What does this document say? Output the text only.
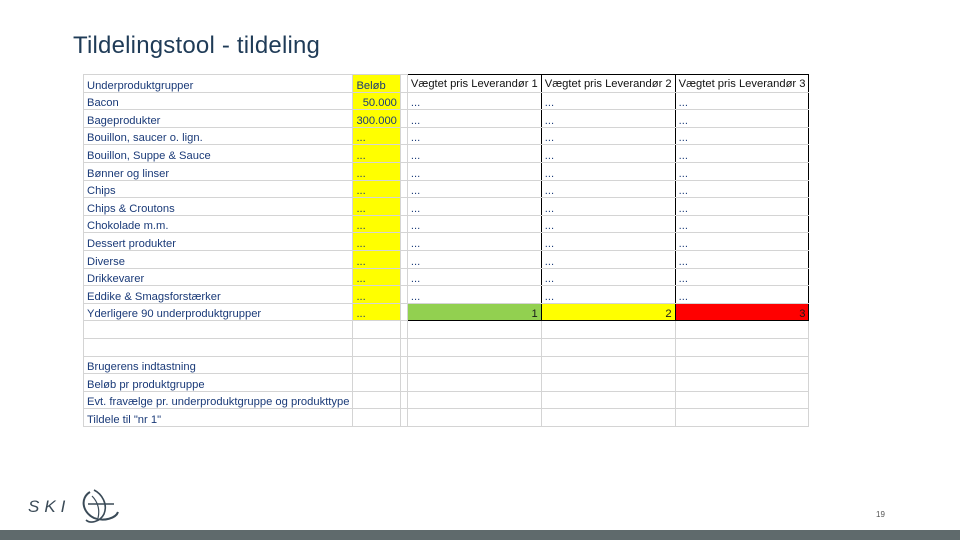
Tildelingstool - tildeling
Underproduktgrupper	Beløb		Vægtet pris Leverandør 1	Vægtet pris Leverandør 2	Vægtet pris Leverandør 3
Bacon	50.000		...	...	...
Bageprodukter	300.000		...	...	...
Bouillon, saucer o. lign.	...		...	...	...
Bouillon, Suppe & Sauce	...		...	...	...
Bønner og linser	...		...	...	...
Chips	...		...	...	...
Chips & Croutons	...		...	...	...
Chokolade m.m.	...		...	...	...
Dessert produkter	...		...	...	...
Diverse	...		...	...	...
Drikkevarer	...		...	...	...
Eddike & Smagsforstærker	...		...	...	...
Yderligere 90 underproduktgrupper	...		1	2	3

Brugerens indtastning					
Beløb pr produktgruppe					
Evt. fravælge pr. underproduktgruppe og produkttype					
Tildele til "nr 1"					
SKI	19
